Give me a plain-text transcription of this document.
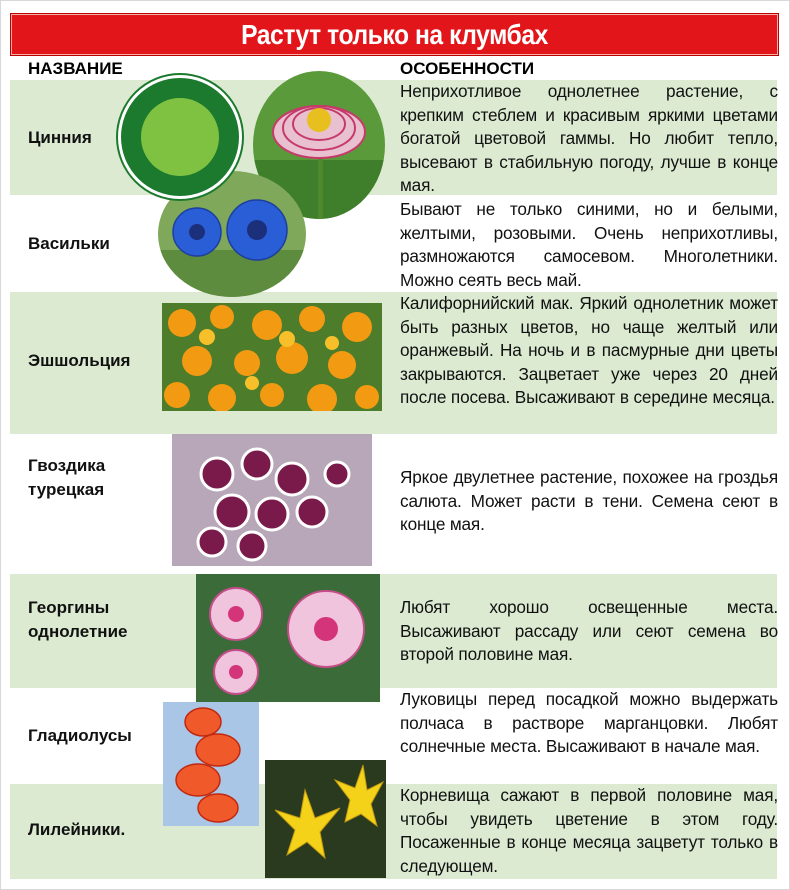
Растут только на клумбах
НАЗВАНИЕ	ОСОБЕННОСТИ
Цинния
Неприхотливое однолетнее растение, с крепким стеблем и красивым яркими цветами богатой цветовой гаммы. Но любит тепло, высевают в стабильную погоду, лучше в конце мая.
Васильки
Бывают не только синими, но и белыми, желтыми, розовыми. Очень неприхотливы, размножаются самосевом. Многолетники. Можно сеять весь май.
Эшшольция
Калифорнийский мак. Яркий однолетник может быть разных цветов, но чаще желтый или оранжевый. На ночь и в пасмурные дни цветы закрываются. Зацветает уже через 20 дней после посева. Высаживают в середине месяца.
Гвоздика турецкая
Яркое двулетнее растение, похожее на гроздья салюта. Может расти в тени. Семена сеют в конце мая.
Георгины однолетние
Любят хорошо освещенные места. Высаживают рассаду или сеют семена во второй половине мая.
Гладиолусы
Луковицы перед посадкой можно выдержать полчаса в растворе марганцовки. Любят солнечные места. Высаживают в начале мая.
Лилейники.
Корневища сажают в первой половине мая, чтобы увидеть цветение в этом году. Посаженные в конце месяца зацветут только в следующем.
